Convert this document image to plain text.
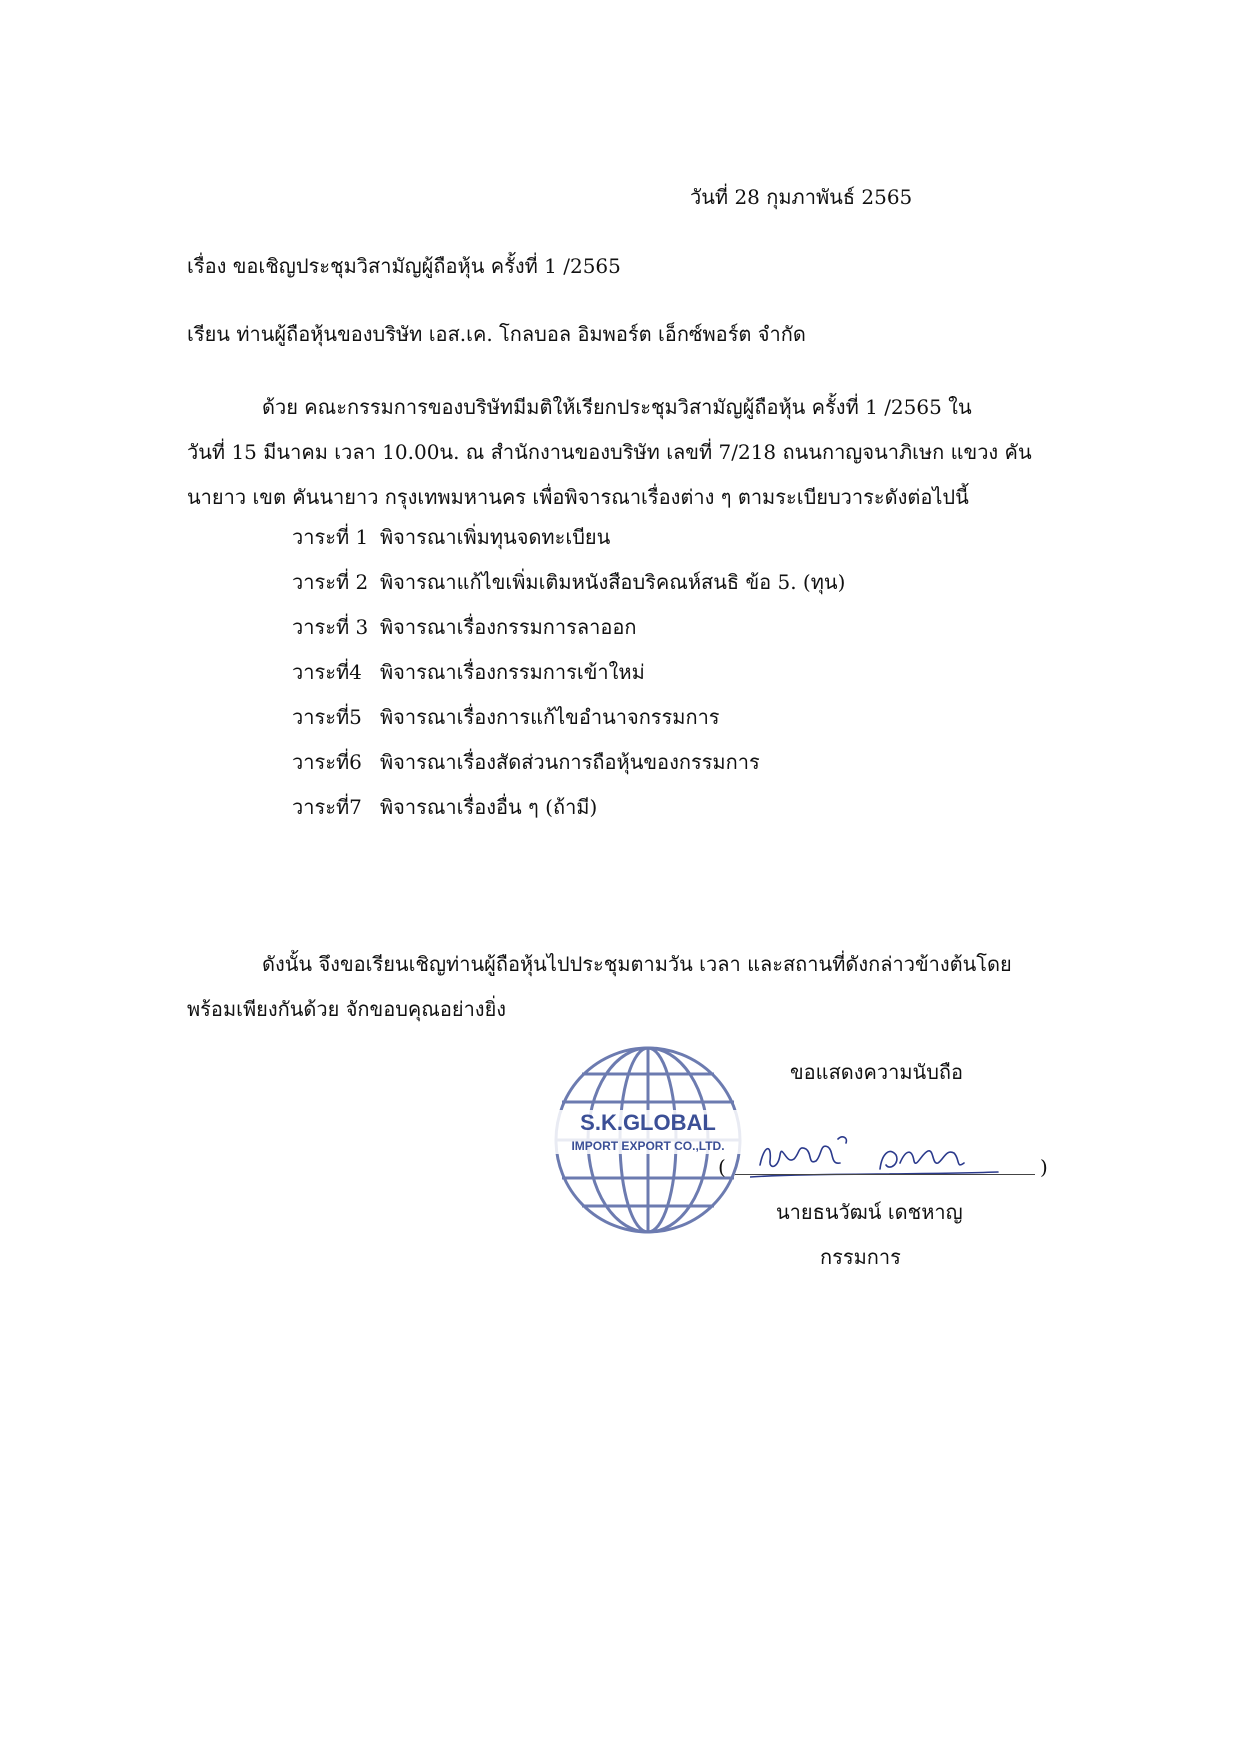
วันที่ 28 กุมภาพันธ์ 2565
เรื่อง ขอเชิญประชุมวิสามัญผู้ถือหุ้น ครั้งที่ 1 /2565
เรียน ท่านผู้ถือหุ้นของบริษัท เอส.เค. โกลบอล อิมพอร์ต เอ็กซ์พอร์ต จำกัด
ด้วย คณะกรรมการของบริษัทมีมติให้เรียกประชุมวิสามัญผู้ถือหุ้น ครั้งที่ 1 /2565 ใน
วันที่ 15 มีนาคม เวลา 10.00น. ณ สำนักงานของบริษัท เลขที่ 7/218 ถนนกาญจนาภิเษก แขวง คัน
นายาว เขต คันนายาว กรุงเทพมหานคร เพื่อพิจารณาเรื่องต่าง ๆ ตามระเบียบวาระดังต่อไปนี้
วาระที่ 1 พิจารณาเพิ่มทุนจดทะเบียน
วาระที่ 2 พิจารณาแก้ไขเพิ่มเติมหนังสือบริคณห์สนธิ ข้อ 5. (ทุน)
วาระที่ 3 พิจารณาเรื่องกรรมการลาออก
วาระที่4 พิจารณาเรื่องกรรมการเข้าใหม่
วาระที่5 พิจารณาเรื่องการแก้ไขอำนาจกรรมการ
วาระที่6 พิจารณาเรื่องสัดส่วนการถือหุ้นของกรรมการ
วาระที่7 พิจารณาเรื่องอื่น ๆ (ถ้ามี)
ดังนั้น จึงขอเรียนเชิญท่านผู้ถือหุ้นไปประชุมตามวัน เวลา และสถานที่ดังกล่าวข้างต้นโดย
พร้อมเพียงกันด้วย จักขอบคุณอย่างยิ่ง
S.K.GLOBAL
IMPORT EXPORT CO.,LTD.
ขอแสดงความนับถือ
(	)
นายธนวัฒน์ เดชหาญ
กรรมการ
